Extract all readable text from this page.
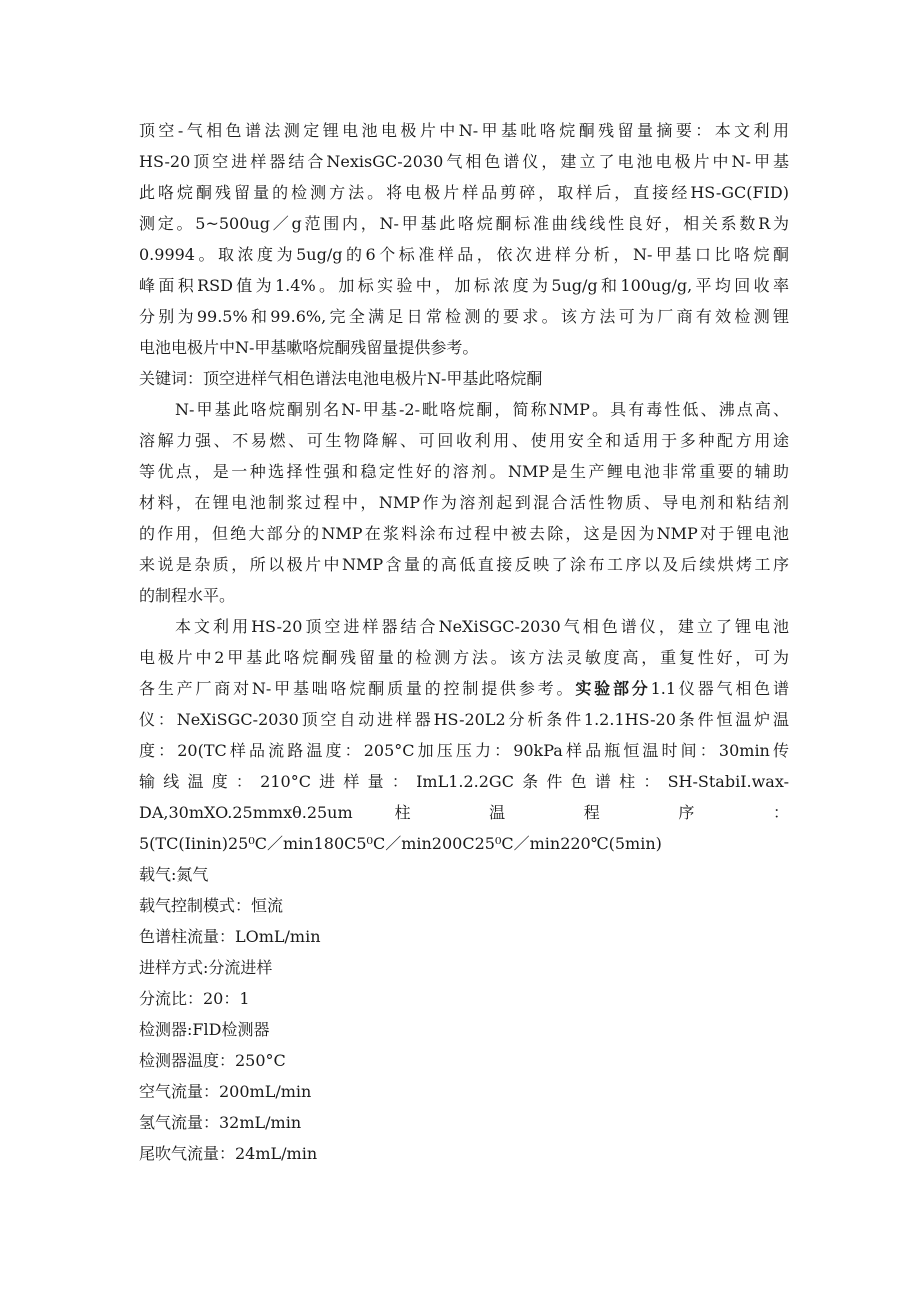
顶空-气相色谱法测定锂电池电极片中N-甲基吡咯烷酮残留量摘要：本文利用
HS-20顶空进样器结合NexisGC-2030气相色谱仪，建立了电池电极片中N-甲基
此咯烷酮残留量的检测方法。将电极片样品剪碎，取样后，直接经HS-GC(FID)
测定。5~500ug／g范围内，N-甲基此咯烷酮标准曲线线性良好，相关系数R为
0.9994。取浓度为5ug/g的6个标准样品，依次进样分析，N-甲基口比咯烷酮
峰面积RSD值为1.4%。加标实验中，加标浓度为5ug/g和100ug/g,平均回收率
分别为99.5%和99.6%,完全满足日常检测的要求。该方法可为厂商有效检测锂
电池电极片中N-甲基嗽咯烷酮残留量提供参考。
关键词：顶空进样气相色谱法电池电极片N-甲基此咯烷酮
N-甲基此咯烷酮别名N-甲基-2-毗咯烷酮，简称NMP。具有毒性低、沸点高、
溶解力强、不易燃、可生物降解、可回收利用、使用安全和适用于多种配方用途
等优点，是一种选择性强和稳定性好的溶剂。NMP是生产鲤电池非常重要的辅助
材料，在锂电池制浆过程中，NMP作为溶剂起到混合活性物质、导电剂和粘结剂
的作用，但绝大部分的NMP在浆料涂布过程中被去除，这是因为NMP对于锂电池
来说是杂质，所以极片中NMP含量的高低直接反映了涂布工序以及后续烘烤工序
的制程水平。
本文利用HS-20顶空进样器结合NeXiSGC-2030气相色谱仪，建立了锂电池
电极片中2甲基此咯烷酮残留量的检测方法。该方法灵敏度高，重复性好，可为
各生产厂商对N-甲基咄咯烷酮质量的控制提供参考。实验部分1.1仪器气相色谱
仪：NeXiSGC-2030顶空自动进样器HS-20L2分析条件1.2.1HS-20条件恒温炉温
度：20(TC样品流路温度：205°C加压压力：90kPa样品瓶恒温时间：30min传
输线温度：210°C进样量：ImL1.2.2GC条件色谱柱：SH-StabiI.wax-
DA,30mXO.25mmxθ.25um 柱 温 程 序 ：
5(TC(Iinin)25⁰C／min180C5⁰C／min200C25⁰C／min220℃(5min)
载气:氮气
载气控制模式：恒流
色谱柱流量：LOmL/min
进样方式:分流进样
分流比：20：1
检测器:FlD检测器
检测器温度：250°C
空气流量：200mL/min
氢气流量：32mL/min
尾吹气流量：24mL/min
